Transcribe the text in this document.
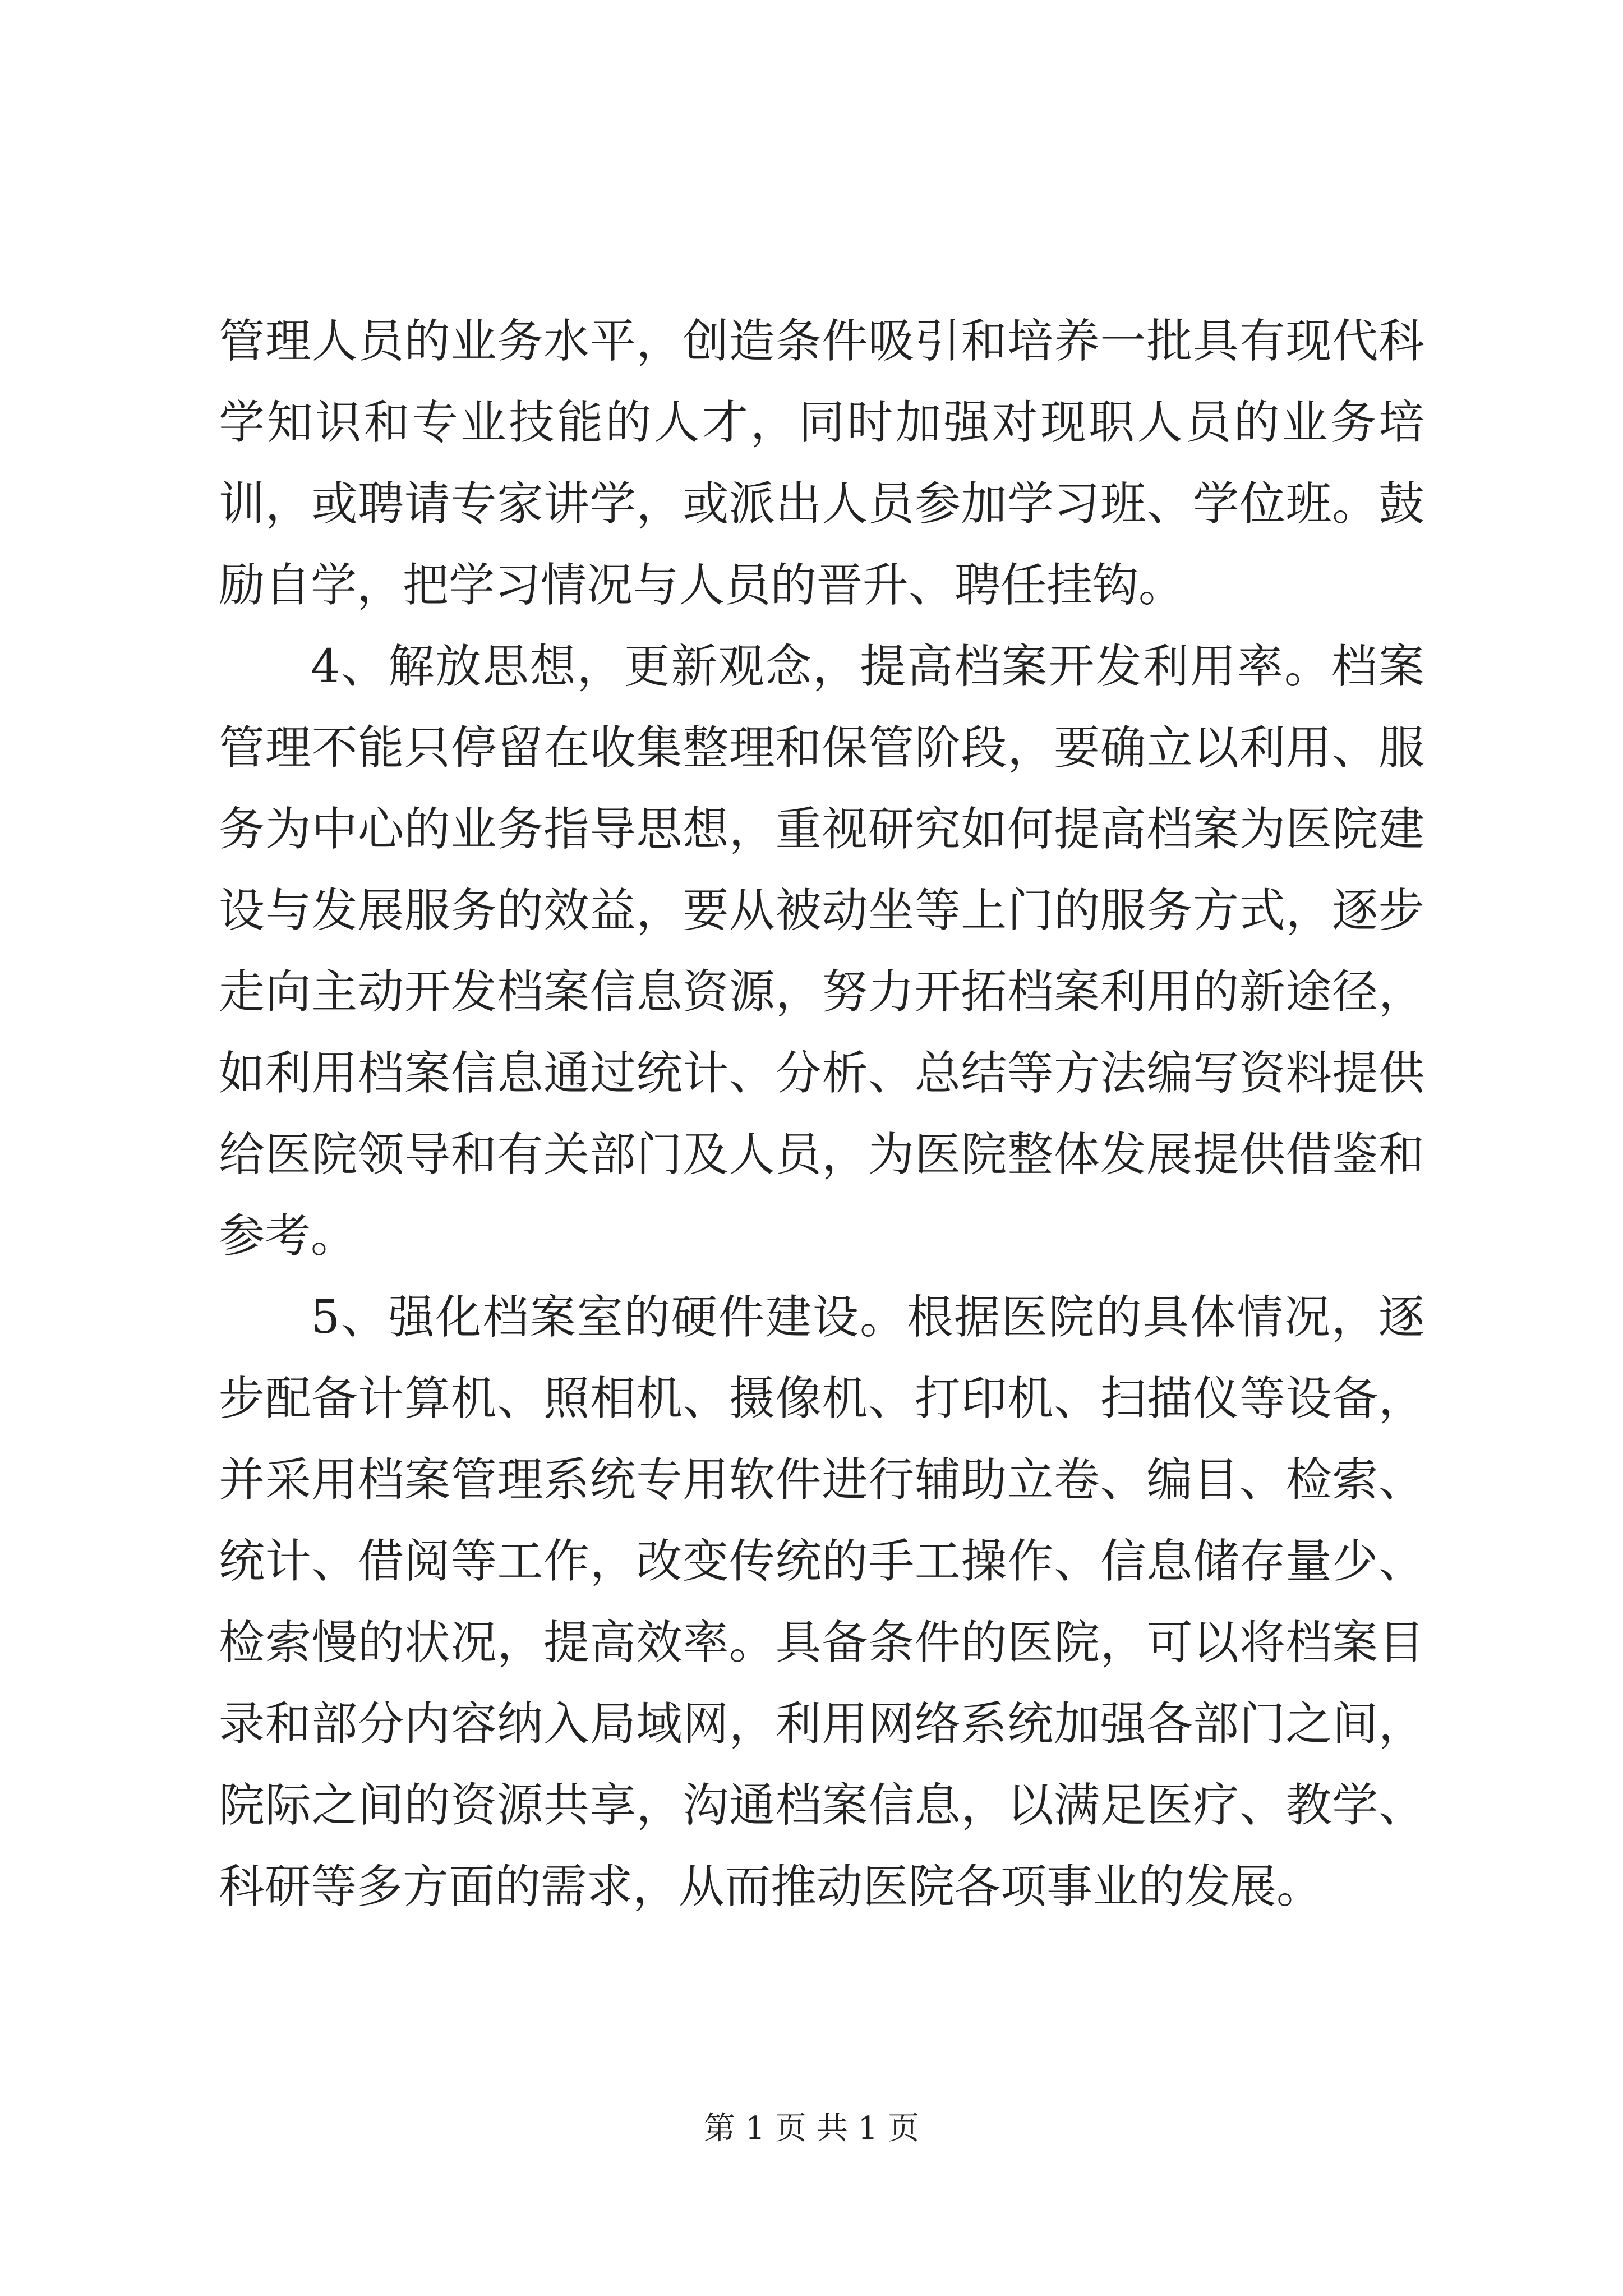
管理人员的业务水平，创造条件吸引和培养一批具有现代科学知识和专业技能的人才，同时加强对现职人员的业务培训，或聘请专家讲学，或派出人员参加学习班、学位班。鼓励自学，把学习情况与人员的晋升、聘任挂钩。

4、解放思想，更新观念，提高档案开发利用率。档案管理不能只停留在收集整理和保管阶段，要确立以利用、服务为中心的业务指导思想，重视研究如何提高档案为医院建设与发展服务的效益，要从被动坐等上门的服务方式，逐步走向主动开发档案信息资源，努力开拓档案利用的新途径，如利用档案信息通过统计、分析、总结等方法编写资料提供给医院领导和有关部门及人员，为医院整体发展提供借鉴和参考。

5、强化档案室的硬件建设。根据医院的具体情况，逐步配备计算机、照相机、摄像机、打印机、扫描仪等设备，并采用档案管理系统专用软件进行辅助立卷、编目、检索、统计、借阅等工作，改变传统的手工操作、信息储存量少、检索慢的状况，提高效率。具备条件的医院，可以将档案目录和部分内容纳入局域网，利用网络系统加强各部门之间，院际之间的资源共享，沟通档案信息，以满足医疗、教学、科研等多方面的需求，从而推动医院各项事业的发展。

第 1 页 共 1 页
